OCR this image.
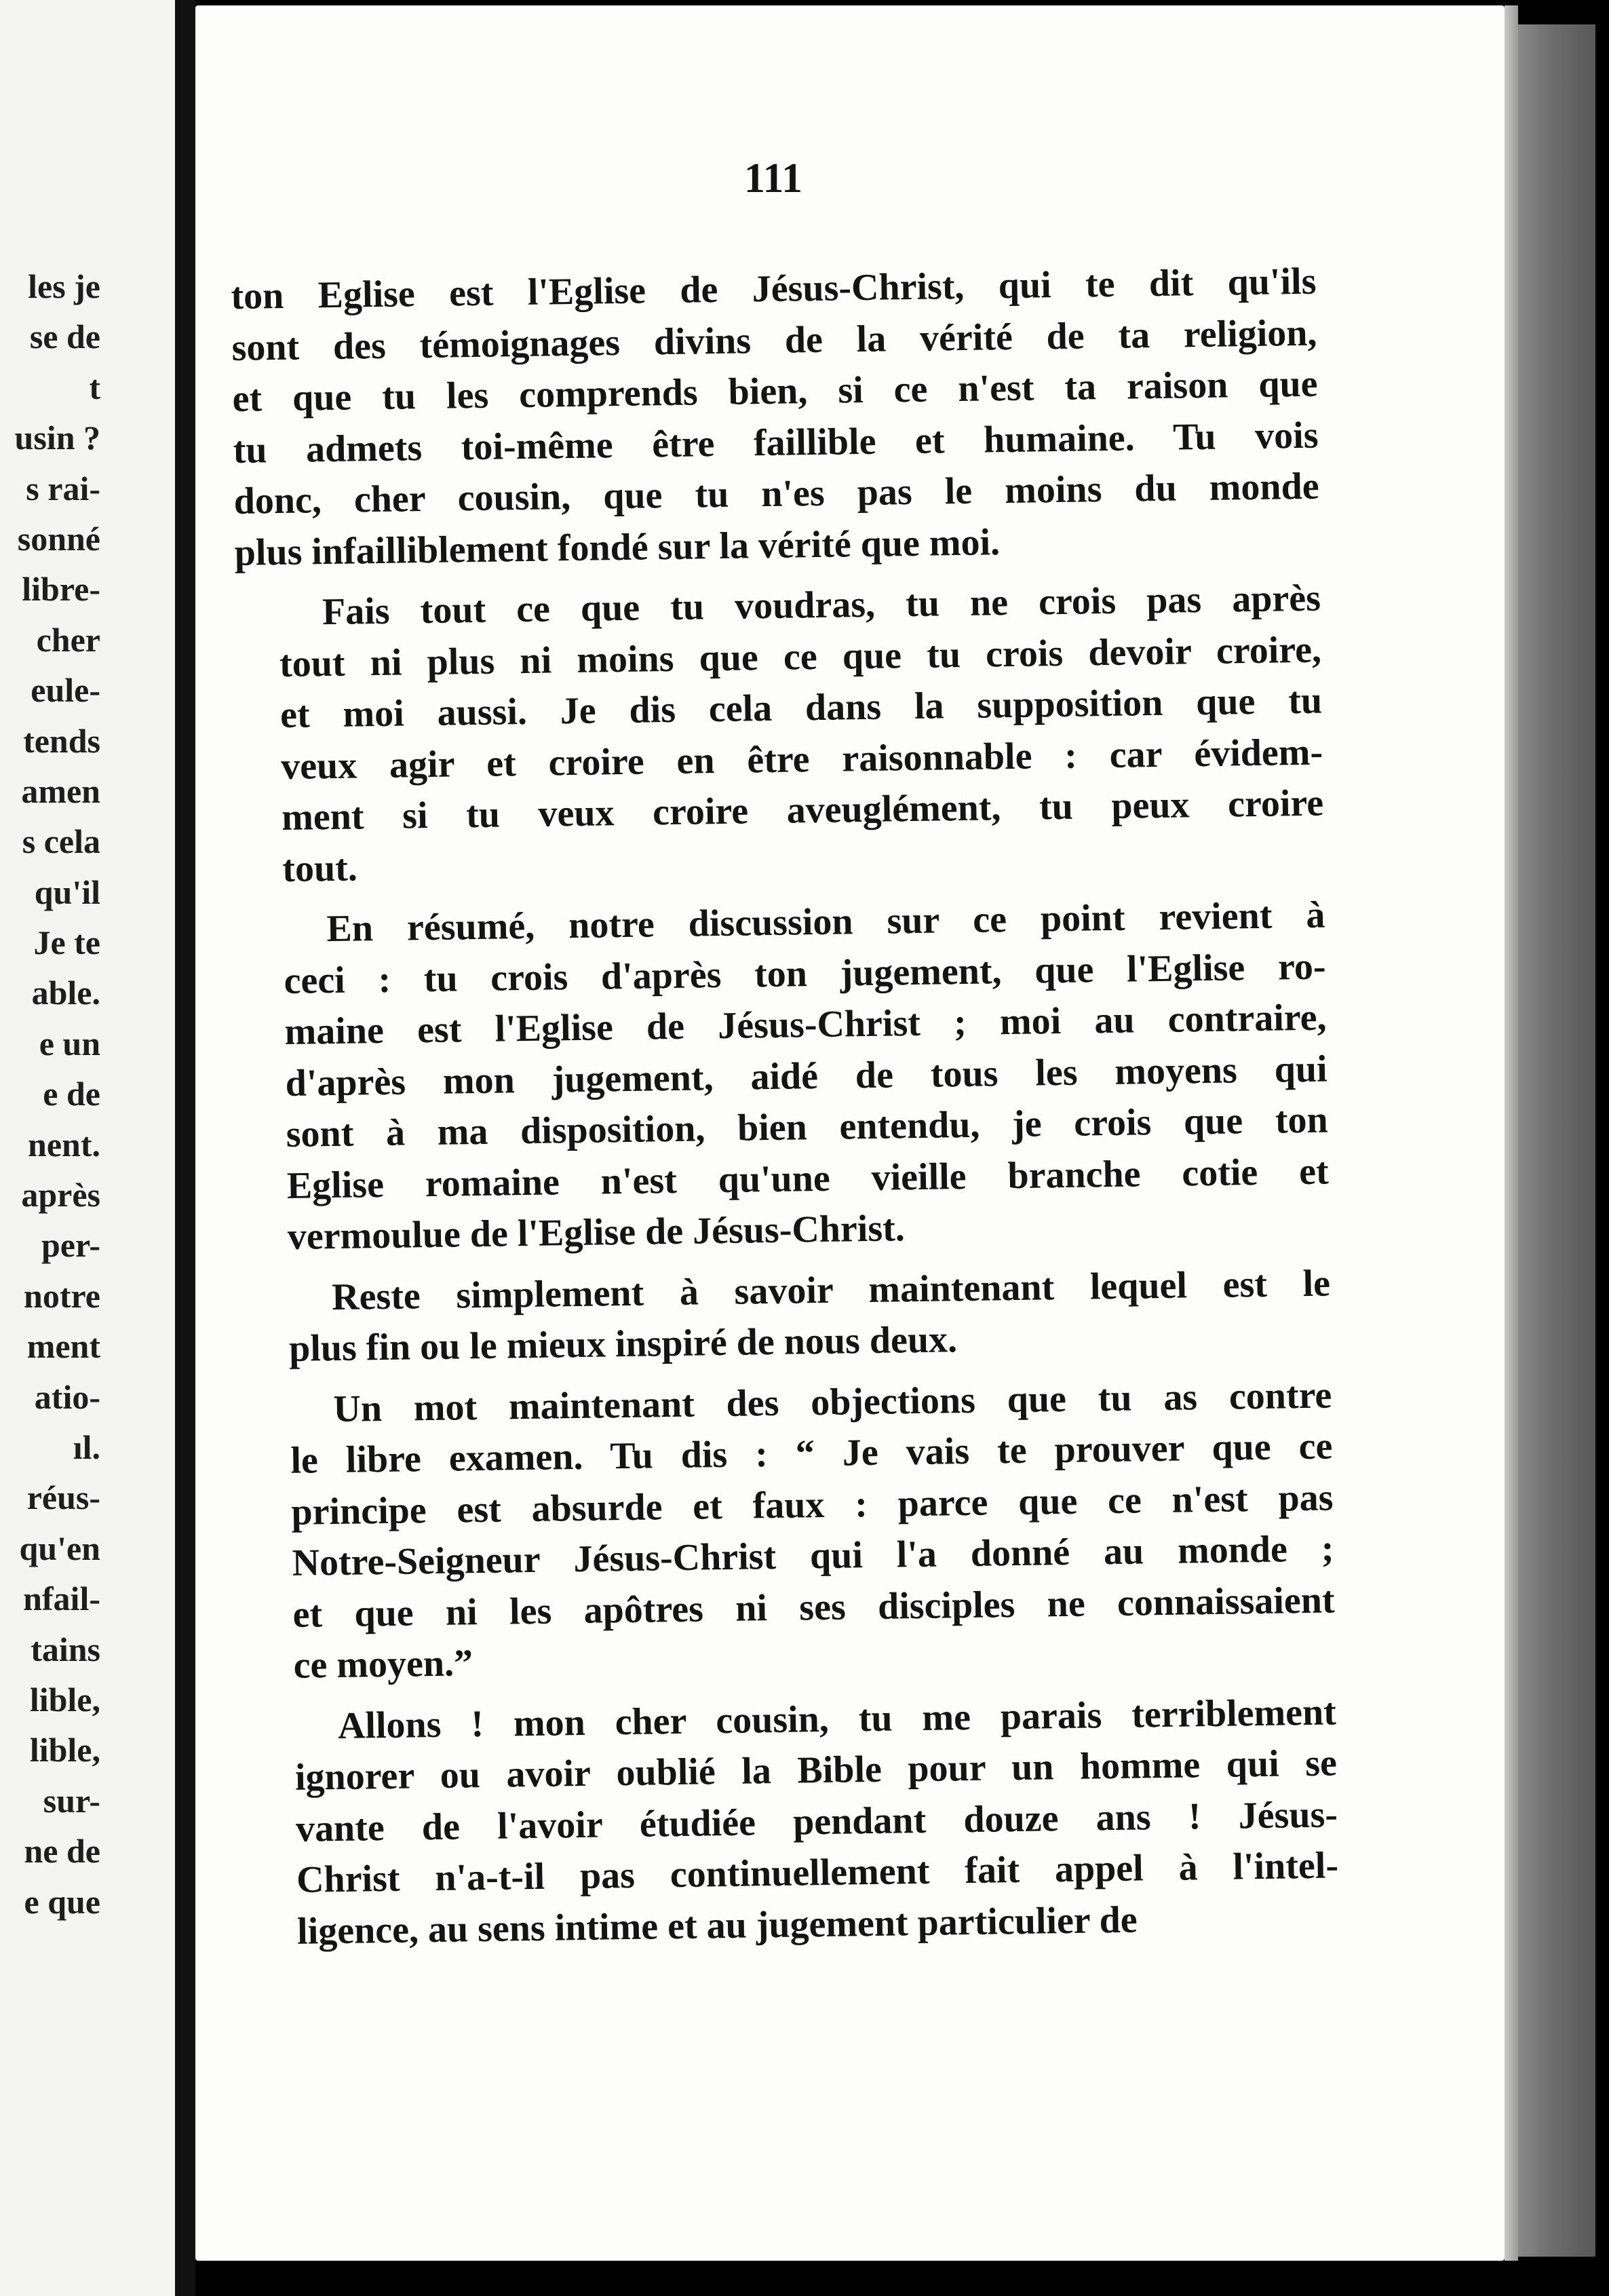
les je
se de
t
usin ?
s rai-
sonné
libre-
cher
eule-
tends
amen
s cela
qu'il
Je te
able.
e un
e de
nent.
après
per-
notre
ment
atio-
ıl.
réus-
qu'en
nfail-
tains
lible,
lible,
sur-
ne de
e que

111

ton Eglise est l'Eglise de Jésus-Christ, qui te dit qu'ils
sont des témoignages divins de la vérité de ta religion,
et que tu les comprends bien, si ce n'est ta raison que
tu admets toi-même être faillible et humaine. Tu vois
donc, cher cousin, que tu n'es pas le moins du monde
plus infailliblement fondé sur la vérité que moi.

Fais tout ce que tu voudras, tu ne crois pas après
tout ni plus ni moins que ce que tu crois devoir croire,
et moi aussi. Je dis cela dans la supposition que tu
veux agir et croire en être raisonnable : car évidem-
ment si tu veux croire aveuglément, tu peux croire
tout.

En résumé, notre discussion sur ce point revient à
ceci : tu crois d'après ton jugement, que l'Eglise ro-
maine est l'Eglise de Jésus-Christ ; moi au contraire,
d'après mon jugement, aidé de tous les moyens qui
sont à ma disposition, bien entendu, je crois que ton
Eglise romaine n'est qu'une vieille branche cotie et
vermoulue de l'Eglise de Jésus-Christ.

Reste simplement à savoir maintenant lequel est le
plus fin ou le mieux inspiré de nous deux.

Un mot maintenant des objections que tu as contre
le libre examen. Tu dis : “ Je vais te prouver que ce
principe est absurde et faux : parce que ce n'est pas
Notre-Seigneur Jésus-Christ qui l'a donné au monde ;
et que ni les apôtres ni ses disciples ne connaissaient
ce moyen.”

Allons ! mon cher cousin, tu me parais terriblement
ignorer ou avoir oublié la Bible pour un homme qui se
vante de l'avoir étudiée pendant douze ans ! Jésus-
Christ n'a-t-il pas continuellement fait appel à l'intel-
ligence, au sens intime et au jugement particulier de
